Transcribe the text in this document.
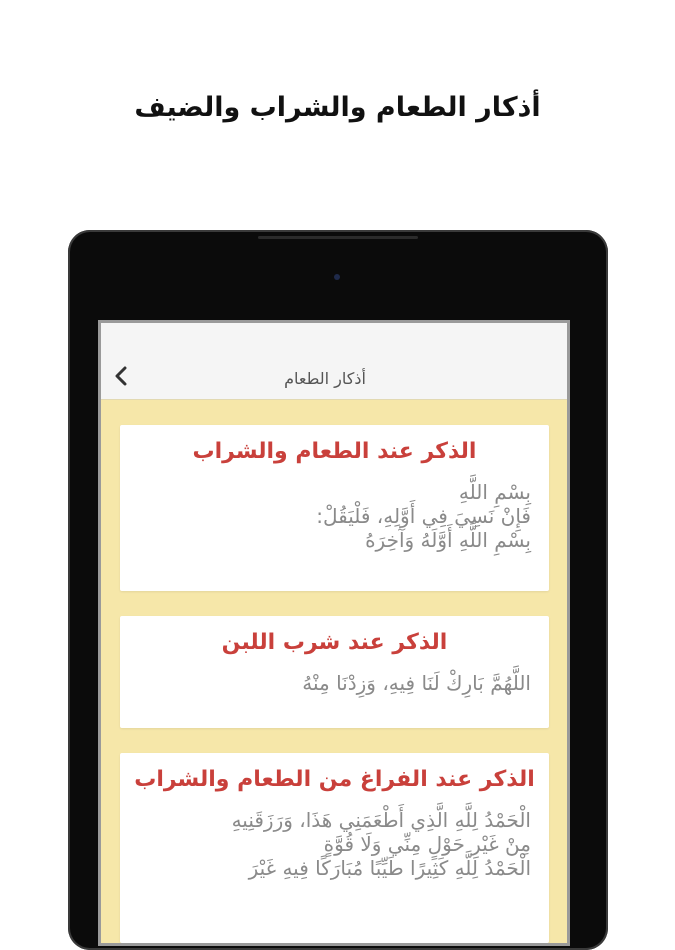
أذكار الطعام والشراب والضيف
أذكار الطعام
الذكر عند الطعام والشراب
بِسْمِ اللَّهِ
فَإِنْ نَسِيَ فِي أَوَّلِهِ، فَلْيَقُلْ:
بِسْمِ اللَّهِ أَوَّلَهُ وَآخِرَهُ
الذكر عند شرب اللبن
اللَّهُمَّ بَارِكْ لَنَا فِيهِ، وَزِدْنَا مِنْهُ
الذكر عند الفراغ من الطعام والشراب
الْحَمْدُ لِلَّهِ الَّذِي أَطْعَمَنِي هَذَا، وَرَزَقَنِيهِ
مِنْ غَيْرِ حَوْلٍ مِنِّي وَلَا قُوَّةٍ
الْحَمْدُ لِلَّهِ كَثِيرًا طَيِّبًا مُبَارَكًا فِيهِ غَيْرَ
